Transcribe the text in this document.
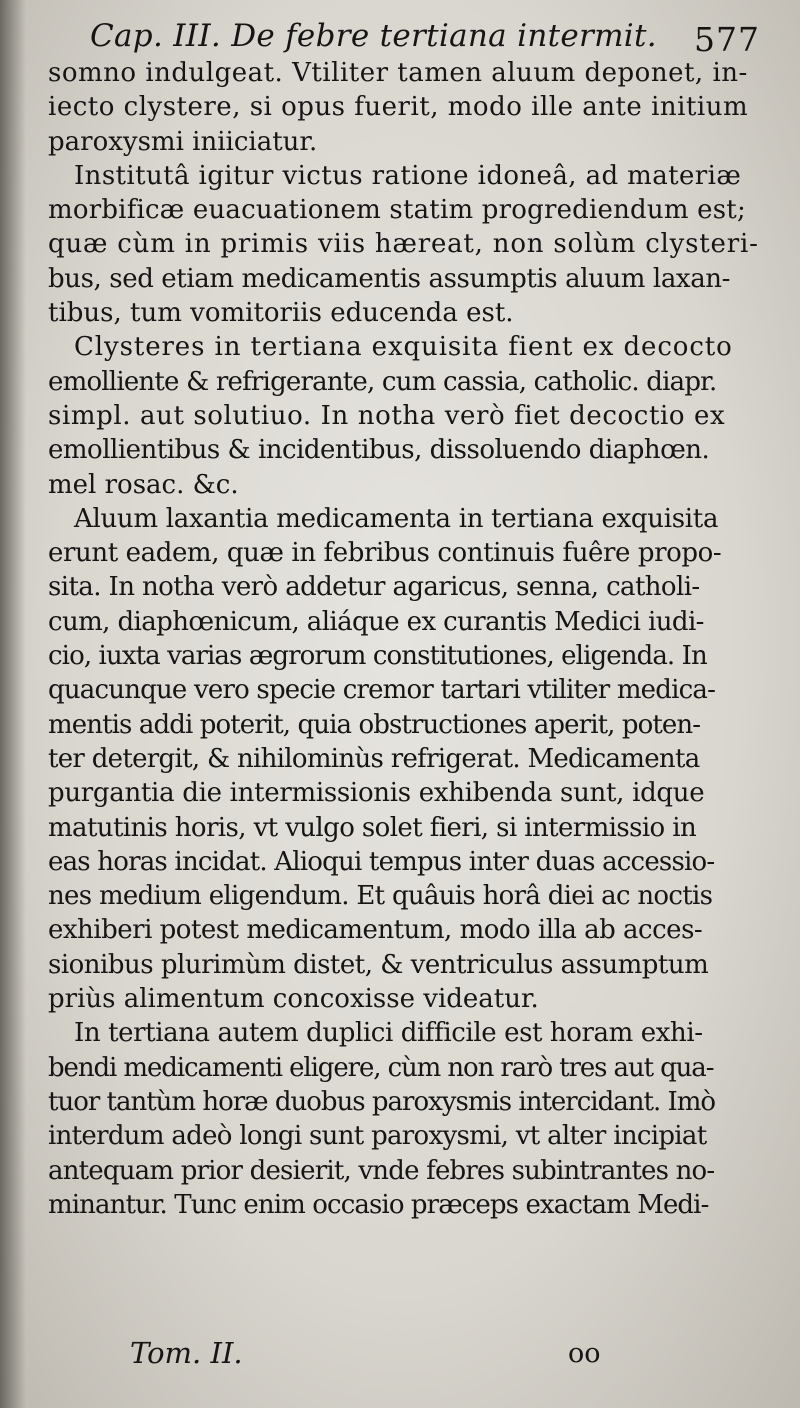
Cap. III. De febre tertiana intermit. 577
somno indulgeat. Vtiliter tamen aluum deponet, in-
iecto clystere, si opus fuerit, modo ille ante initium
paroxysmi iniiciatur.
Institutâ igitur victus ratione idoneâ, ad materiæ
morbificæ euacuationem statim progrediendum est;
quæ cùm in primis viis hæreat, non solùm clysteri-
bus, sed etiam medicamentis assumptis aluum laxan-
tibus, tum vomitoriis educenda est.
Clysteres in tertiana exquisita fient ex decocto
emolliente & refrigerante, cum cassia, catholic. diapr.
simpl. aut solutiuo. In notha verò fiet decoctio ex
emollientibus & incidentibus, dissoluendo diaphœn.
mel rosac. &c.
Aluum laxantia medicamenta in tertiana exquisita
erunt eadem, quæ in febribus continuis fuêre propo-
sita. In notha verò addetur agaricus, senna, catholi-
cum, diaphœnicum, aliáque ex curantis Medici iudi-
cio, iuxta varias ægrorum constitutiones, eligenda. In
quacunque vero specie cremor tartari vtiliter medica-
mentis addi poterit, quia obstructiones aperit, poten-
ter detergit, & nihilominùs refrigerat. Medicamenta
purgantia die intermissionis exhibenda sunt, idque
matutinis horis, vt vulgo solet fieri, si intermissio in
eas horas incidat. Alioqui tempus inter duas accessio-
nes medium eligendum. Et quâuis horâ diei ac noctis
exhiberi potest medicamentum, modo illa ab acces-
sionibus plurimùm distet, & ventriculus assumptum
priùs alimentum concoxisse videatur.
In tertiana autem duplici difficile est horam exhi-
bendi medicamenti eligere, cùm non rarò tres aut qua-
tuor tantùm horæ duobus paroxysmis intercidant. Imò
interdum adeò longi sunt paroxysmi, vt alter incipiat
antequam prior desierit, vnde febres subintrantes no-
minantur. Tunc enim occasio præceps exactam Medi-
Tom. II.	oo
